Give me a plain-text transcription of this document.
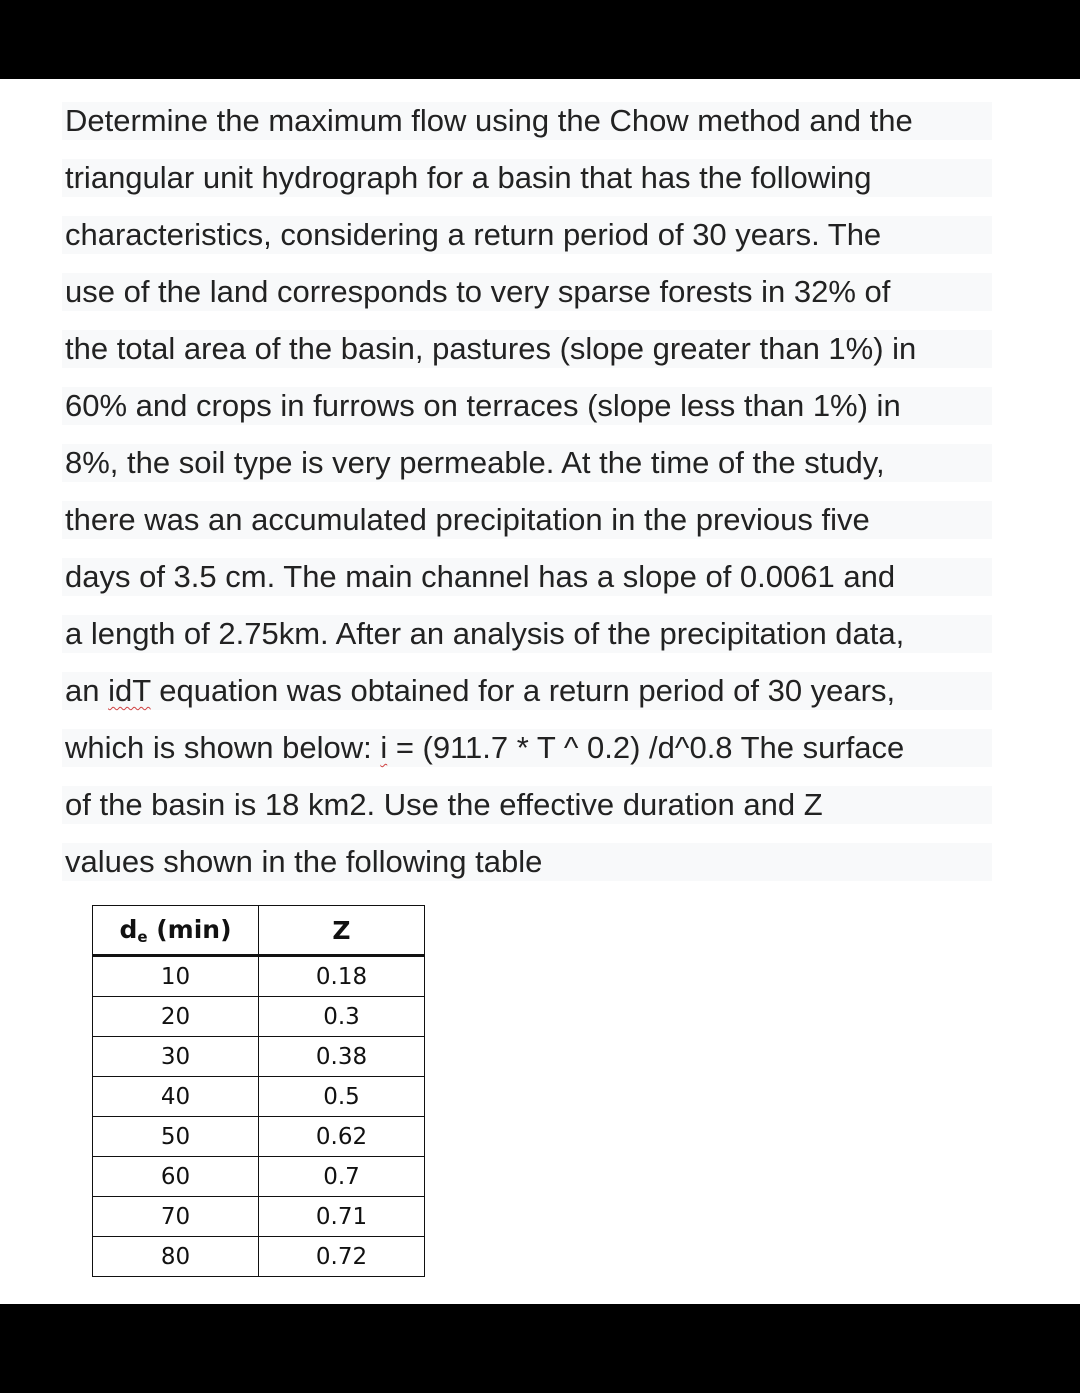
Determine the maximum flow using the Chow method and the
triangular unit hydrograph for a basin that has the following
characteristics, considering a return period of 30 years. The
use of the land corresponds to very sparse forests in 32% of
the total area of the basin, pastures (slope greater than 1%) in
60% and crops in furrows on terraces (slope less than 1%) in
8%, the soil type is very permeable. At the time of the study,
there was an accumulated precipitation in the previous five
days of 3.5 cm. The main channel has a slope of 0.0061 and
a length of 2.75km. After an analysis of the precipitation data,
an idT equation was obtained for a return period of 30 years,
which is shown below: i = (911.7 * T ^ 0.2) /d^0.8 The surface
of the basin is 18 km2. Use the effective duration and Z
values shown in the following table
$d_e$ (min)	Z
10	0.18
20	0.3
30	0.38
40	0.5
50	0.62
60	0.7
70	0.71
80	0.72
